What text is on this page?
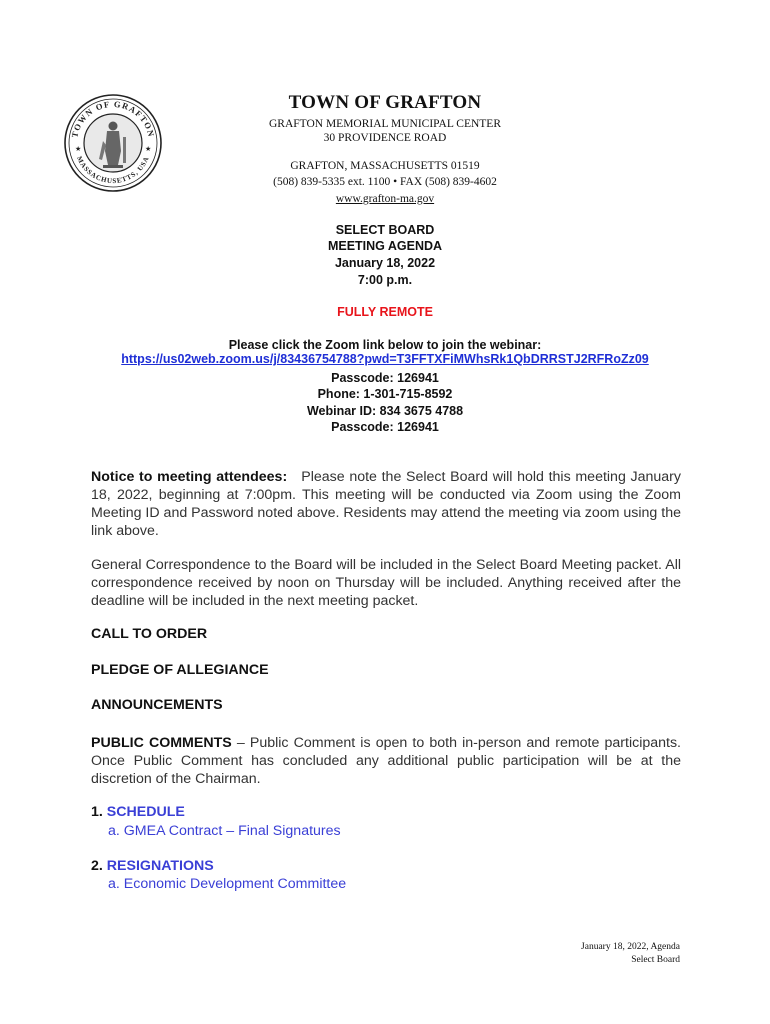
TOWN OF GRAFTON
MASSACHUSETTS, USA
★	★
TOWN OF GRAFTON
GRAFTON MEMORIAL MUNICIPAL CENTER
30 PROVIDENCE ROAD
GRAFTON, MASSACHUSETTS 01519
(508) 839-5335 ext. 1100 • FAX (508) 839-4602
www.grafton-ma.gov
SELECT BOARD
MEETING AGENDA
January 18, 2022
7:00 p.m.
FULLY REMOTE
Please click the Zoom link below to join the webinar:
https://us02web.zoom.us/j/83436754788?pwd=T3FFTXFiMWhsRk1QbDRRSTJ2RFRoZz09
Passcode: 126941
Phone: 1-301-715-8592
Webinar ID: 834 3675 4788
Passcode: 126941
Notice to meeting attendees: Please note the Select Board will hold this meeting January 18, 2022, beginning at 7:00pm. This meeting will be conducted via Zoom using the Zoom Meeting ID and Password noted above. Residents may attend the meeting via zoom using the link above.
General Correspondence to the Board will be included in the Select Board Meeting packet. All correspondence received by noon on Thursday will be included. Anything received after the deadline will be included in the next meeting packet.
CALL TO ORDER
PLEDGE OF ALLEGIANCE
ANNOUNCEMENTS
PUBLIC COMMENTS – Public Comment is open to both in-person and remote participants. Once Public Comment has concluded any additional public participation will be at the discretion of the Chairman.
1. SCHEDULE
a. GMEA Contract – Final Signatures
2. RESIGNATIONS
a. Economic Development Committee
January 18, 2022, Agenda
Select Board
